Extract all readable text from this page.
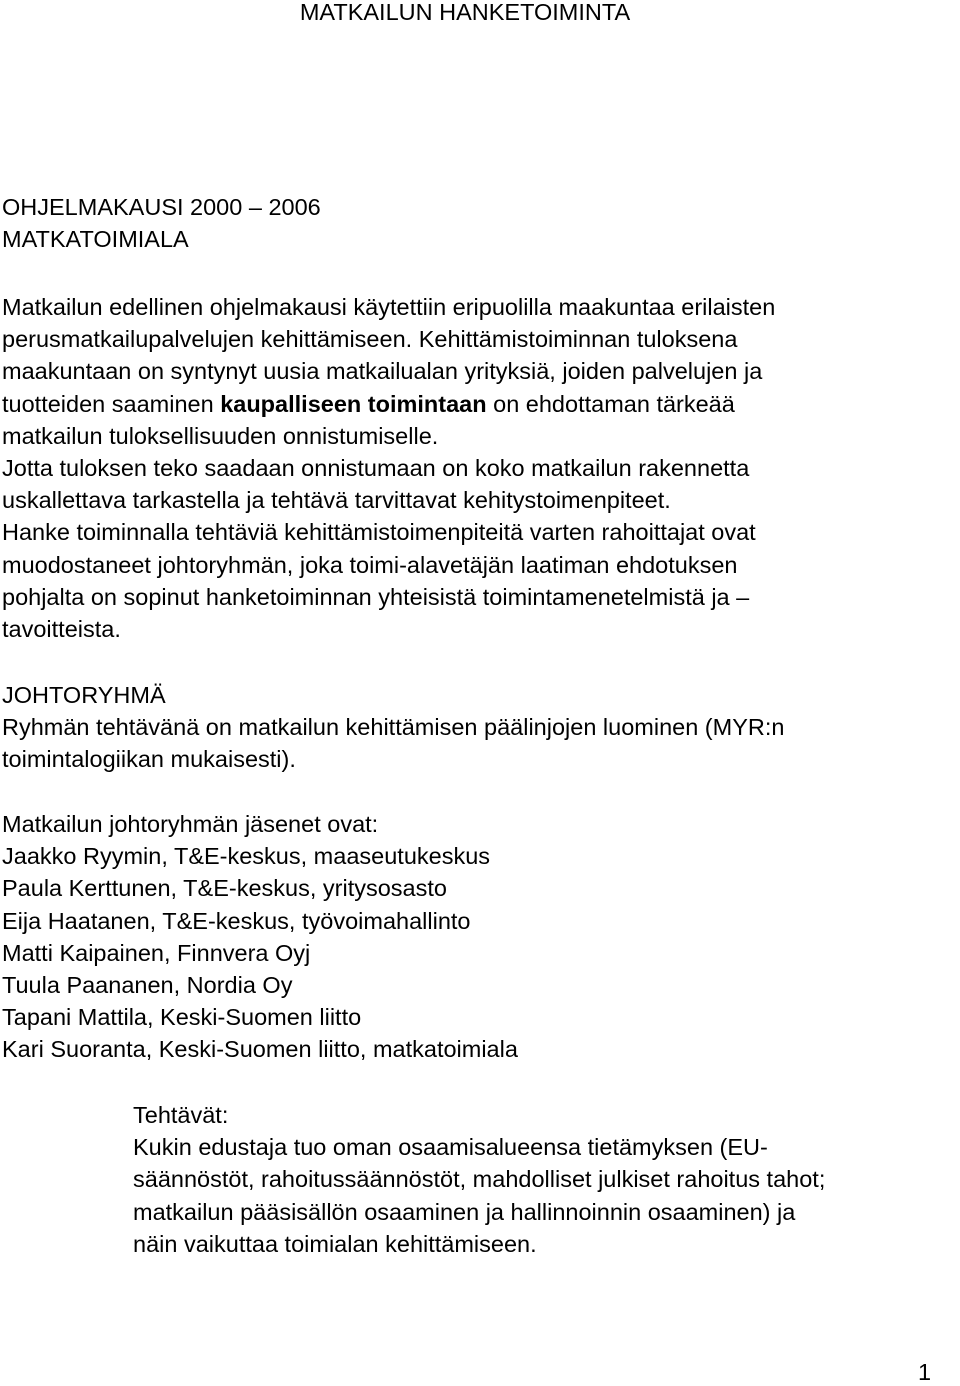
MATKAILUN HANKETOIMINTA
OHJELMAKAUSI 2000 – 2006
MATKATOIMIALA
Matkailun edellinen ohjelmakausi käytettiin eripuolilla maakuntaa erilaisten
perusmatkailupalvelujen kehittämiseen. Kehittämistoiminnan tuloksena
maakuntaan on syntynyt uusia matkailualan yrityksiä, joiden palvelujen ja
tuotteiden saaminen kaupalliseen toimintaan on ehdottaman tärkeää
matkailun tuloksellisuuden onnistumiselle.
Jotta tuloksen teko saadaan onnistumaan on koko matkailun rakennetta
uskallettava tarkastella ja tehtävä tarvittavat kehitystoimenpiteet.
Hanke toiminnalla tehtäviä kehittämistoimenpiteitä varten rahoittajat ovat
muodostaneet johtoryhmän, joka toimi-alavetäjän laatiman ehdotuksen
pohjalta on sopinut hanketoiminnan yhteisistä toimintamenetelmistä ja –
tavoitteista.
JOHTORYHMÄ
Ryhmän tehtävänä on matkailun kehittämisen päälinjojen luominen (MYR:n
toimintalogiikan mukaisesti).
Matkailun johtoryhmän jäsenet ovat:
Jaakko Ryymin, T&E-keskus, maaseutukeskus
Paula Kerttunen, T&E-keskus, yritysosasto
Eija Haatanen, T&E-keskus, työvoimahallinto
Matti Kaipainen, Finnvera Oyj
Tuula Paananen, Nordia Oy
Tapani Mattila, Keski-Suomen liitto
Kari Suoranta, Keski-Suomen liitto, matkatoimiala
Tehtävät:
Kukin edustaja tuo oman osaamisalueensa tietämyksen (EU-
säännöstöt, rahoitussäännöstöt, mahdolliset julkiset rahoitus tahot;
matkailun pääsisällön osaaminen ja hallinnoinnin osaaminen) ja
näin vaikuttaa toimialan kehittämiseen.
1
